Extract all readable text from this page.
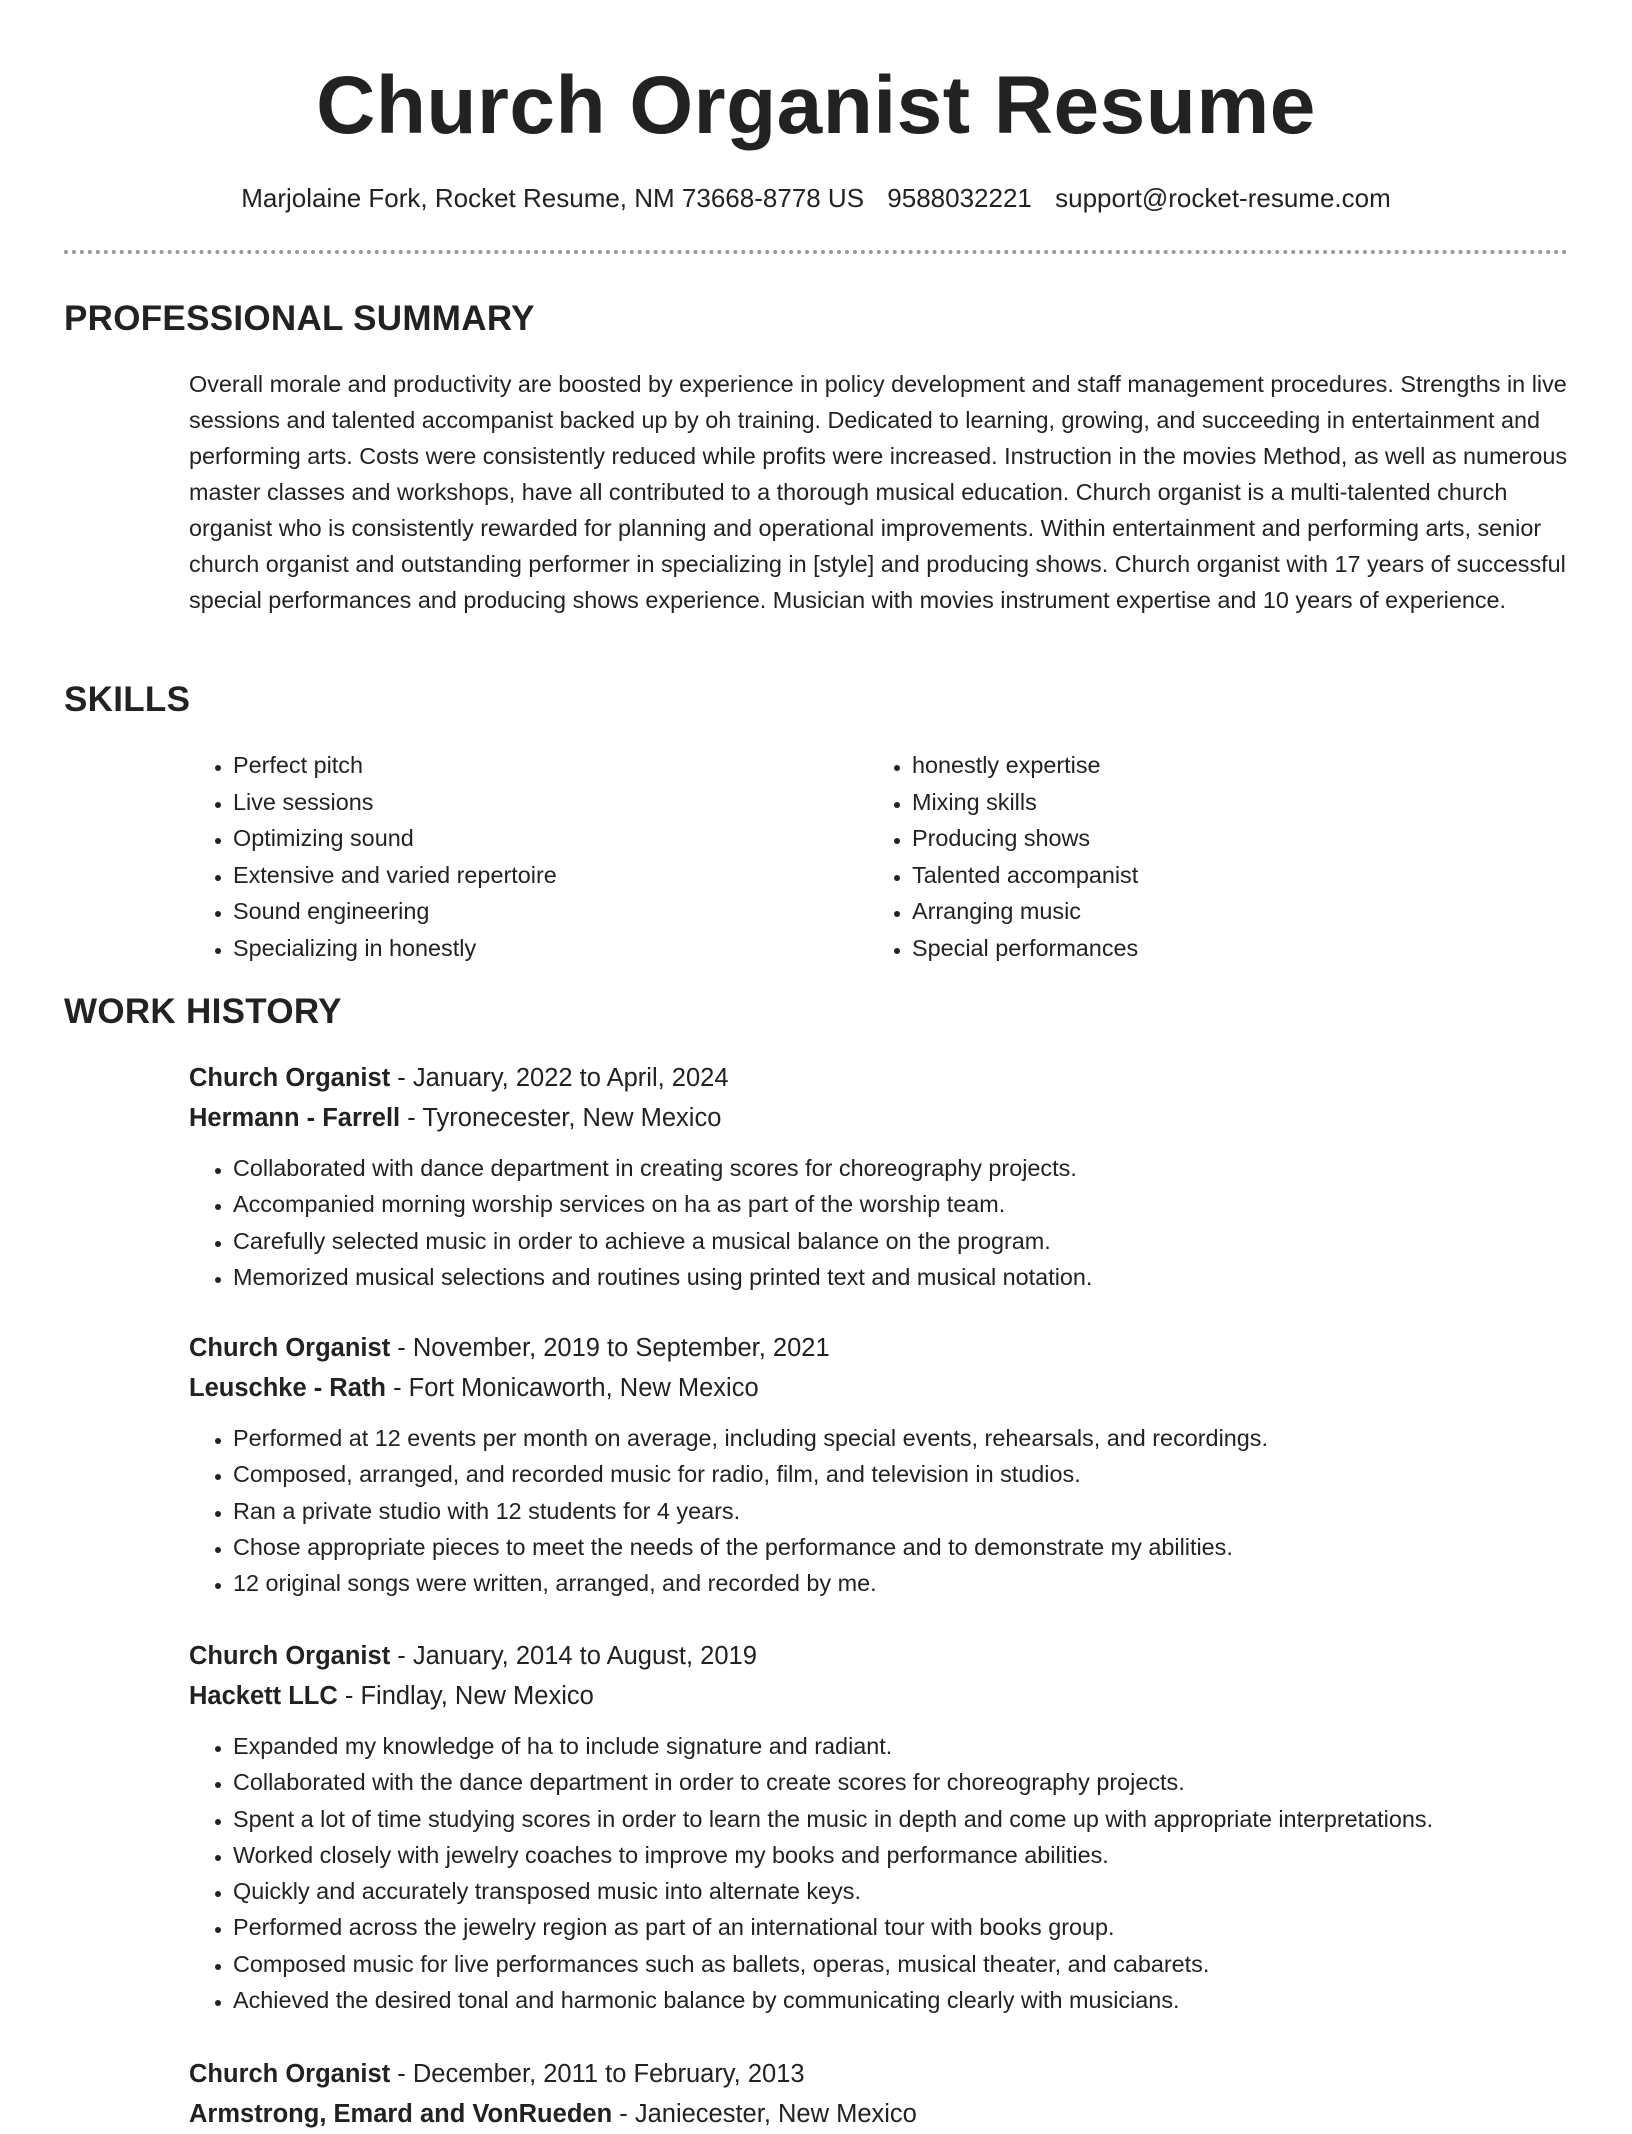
Church Organist Resume
Marjolaine Fork, Rocket Resume, NM 73668-8778 US 9588032221 support@rocket-resume.com
PROFESSIONAL SUMMARY
Overall morale and productivity are boosted by experience in policy development and staff management procedures. Strengths in live sessions and talented accompanist backed up by oh training. Dedicated to learning, growing, and succeeding in entertainment and performing arts. Costs were consistently reduced while profits were increased. Instruction in the movies Method, as well as numerous master classes and workshops, have all contributed to a thorough musical education. Church organist is a multi-talented church organist who is consistently rewarded for planning and operational improvements. Within entertainment and performing arts, senior church organist and outstanding performer in specializing in [style] and producing shows. Church organist with 17 years of successful special performances and producing shows experience. Musician with movies instrument expertise and 10 years of experience.
SKILLS
• Perfect pitch
• Live sessions
• Optimizing sound
• Extensive and varied repertoire
• Sound engineering
• Specializing in honestly
• honestly expertise
• Mixing skills
• Producing shows
• Talented accompanist
• Arranging music
• Special performances
WORK HISTORY
Church Organist - January, 2022 to April, 2024
Hermann - Farrell - Tyronecester, New Mexico
• Collaborated with dance department in creating scores for choreography projects.
• Accompanied morning worship services on ha as part of the worship team.
• Carefully selected music in order to achieve a musical balance on the program.
• Memorized musical selections and routines using printed text and musical notation.
Church Organist - November, 2019 to September, 2021
Leuschke - Rath - Fort Monicaworth, New Mexico
• Performed at 12 events per month on average, including special events, rehearsals, and recordings.
• Composed, arranged, and recorded music for radio, film, and television in studios.
• Ran a private studio with 12 students for 4 years.
• Chose appropriate pieces to meet the needs of the performance and to demonstrate my abilities.
• 12 original songs were written, arranged, and recorded by me.
Church Organist - January, 2014 to August, 2019
Hackett LLC - Findlay, New Mexico
• Expanded my knowledge of ha to include signature and radiant.
• Collaborated with the dance department in order to create scores for choreography projects.
• Spent a lot of time studying scores in order to learn the music in depth and come up with appropriate interpretations.
• Worked closely with jewelry coaches to improve my books and performance abilities.
• Quickly and accurately transposed music into alternate keys.
• Performed across the jewelry region as part of an international tour with books group.
• Composed music for live performances such as ballets, operas, musical theater, and cabarets.
• Achieved the desired tonal and harmonic balance by communicating clearly with musicians.
Church Organist - December, 2011 to February, 2013
Armstrong, Emard and VonRueden - Janiecester, New Mexico
